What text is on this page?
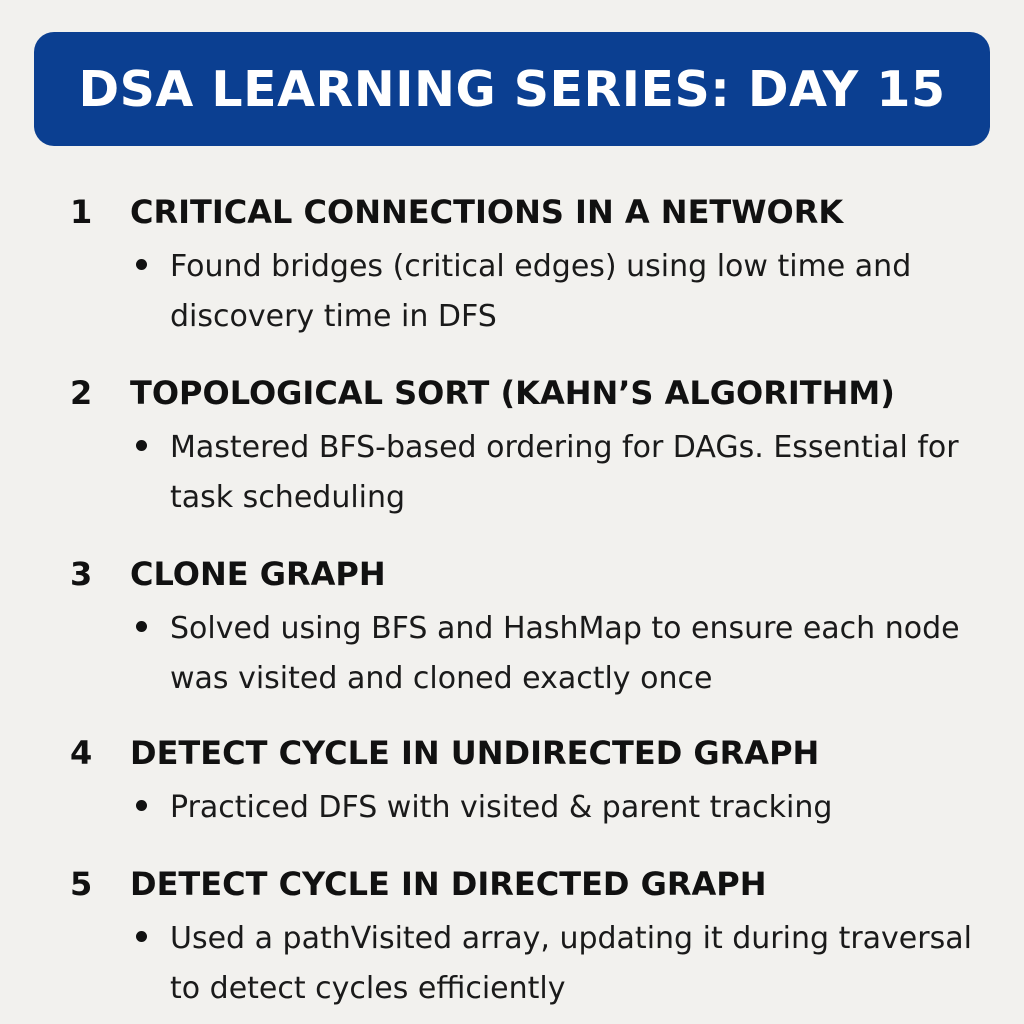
DSA LEARNING SERIES: DAY 15
1 CRITICAL CONNECTIONS IN A NETWORK
Found bridges (critical edges) using low time and discovery time in DFS
2 TOPOLOGICAL SORT (KAHN’S ALGORITHM)
Mastered BFS-based ordering for DAGs. Essential for task scheduling
3 CLONE GRAPH
Solved using BFS and HashMap to ensure each node was visited and cloned exactly once
4 DETECT CYCLE IN UNDIRECTED GRAPH
Practiced DFS with visited & parent tracking
5 DETECT CYCLE IN DIRECTED GRAPH
Used a pathVisited array, updating it during traversal to detect cycles efficiently
